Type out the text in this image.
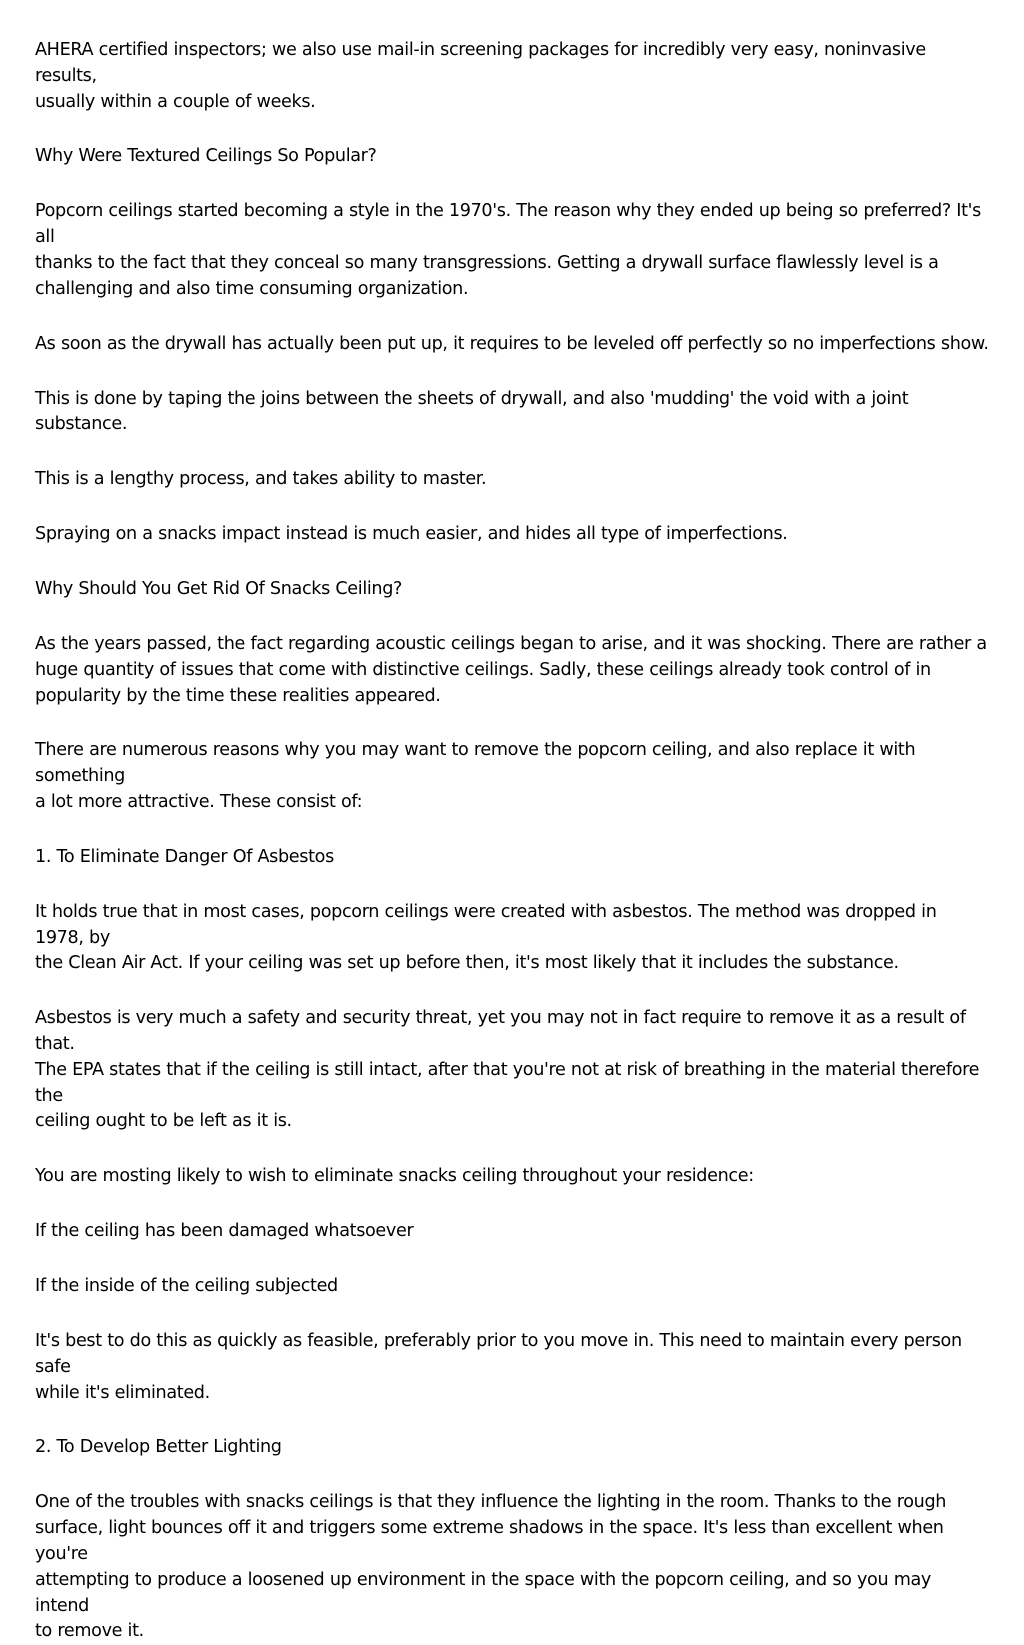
AHERA certified inspectors; we also use mail-in screening packages for incredibly very easy, noninvasive results,
usually within a couple of weeks.

Why Were Textured Ceilings So Popular?

Popcorn ceilings started becoming a style in the 1970's. The reason why they ended up being so preferred? It's all
thanks to the fact that they conceal so many transgressions. Getting a drywall surface flawlessly level is a
challenging and also time consuming organization.

As soon as the drywall has actually been put up, it requires to be leveled off perfectly so no imperfections show.

This is done by taping the joins between the sheets of drywall, and also 'mudding' the void with a joint substance.

This is a lengthy process, and takes ability to master.

Spraying on a snacks impact instead is much easier, and hides all type of imperfections.

Why Should You Get Rid Of Snacks Ceiling?

As the years passed, the fact regarding acoustic ceilings began to arise, and it was shocking. There are rather a
huge quantity of issues that come with distinctive ceilings. Sadly, these ceilings already took control of in
popularity by the time these realities appeared.

There are numerous reasons why you may want to remove the popcorn ceiling, and also replace it with something
a lot more attractive. These consist of:

1. To Eliminate Danger Of Asbestos

It holds true that in most cases, popcorn ceilings were created with asbestos. The method was dropped in 1978, by
the Clean Air Act. If your ceiling was set up before then, it's most likely that it includes the substance.

Asbestos is very much a safety and security threat, yet you may not in fact require to remove it as a result of that.
The EPA states that if the ceiling is still intact, after that you're not at risk of breathing in the material therefore the
ceiling ought to be left as it is.

You are mosting likely to wish to eliminate snacks ceiling throughout your residence:

If the ceiling has been damaged whatsoever

If the inside of the ceiling subjected

It's best to do this as quickly as feasible, preferably prior to you move in. This need to maintain every person safe
while it's eliminated.

2. To Develop Better Lighting

One of the troubles with snacks ceilings is that they influence the lighting in the room. Thanks to the rough
surface, light bounces off it and triggers some extreme shadows in the space. It's less than excellent when you're
attempting to produce a loosened up environment in the space with the popcorn ceiling, and so you may intend
to remove it.
